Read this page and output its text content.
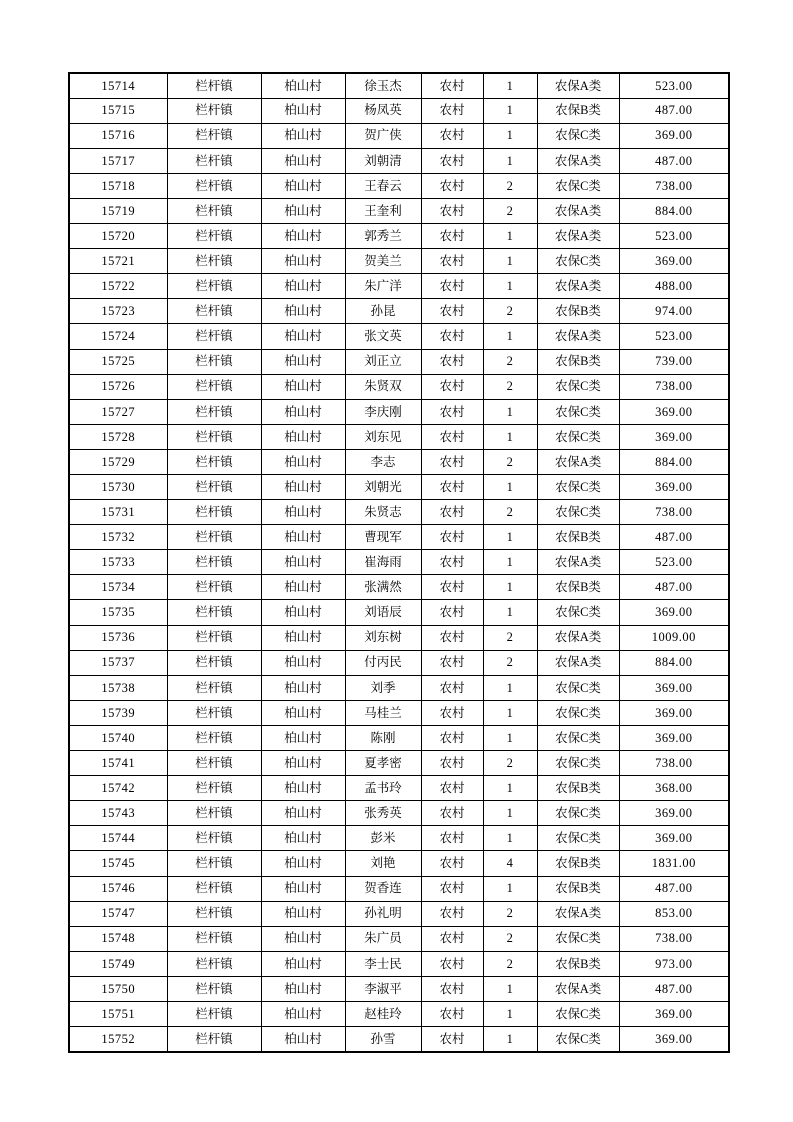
15714	栏杆镇	柏山村	徐玉杰	农村	1	农保A类	523.00
15715	栏杆镇	柏山村	杨凤英	农村	1	农保B类	487.00
15716	栏杆镇	柏山村	贺广侠	农村	1	农保C类	369.00
15717	栏杆镇	柏山村	刘朝清	农村	1	农保A类	487.00
15718	栏杆镇	柏山村	王春云	农村	2	农保C类	738.00
15719	栏杆镇	柏山村	王奎利	农村	2	农保A类	884.00
15720	栏杆镇	柏山村	郭秀兰	农村	1	农保A类	523.00
15721	栏杆镇	柏山村	贺美兰	农村	1	农保C类	369.00
15722	栏杆镇	柏山村	朱广洋	农村	1	农保A类	488.00
15723	栏杆镇	柏山村	孙昆	农村	2	农保B类	974.00
15724	栏杆镇	柏山村	张文英	农村	1	农保A类	523.00
15725	栏杆镇	柏山村	刘正立	农村	2	农保B类	739.00
15726	栏杆镇	柏山村	朱贤双	农村	2	农保C类	738.00
15727	栏杆镇	柏山村	李庆刚	农村	1	农保C类	369.00
15728	栏杆镇	柏山村	刘东见	农村	1	农保C类	369.00
15729	栏杆镇	柏山村	李志	农村	2	农保A类	884.00
15730	栏杆镇	柏山村	刘朝光	农村	1	农保C类	369.00
15731	栏杆镇	柏山村	朱贤志	农村	2	农保C类	738.00
15732	栏杆镇	柏山村	曹现军	农村	1	农保B类	487.00
15733	栏杆镇	柏山村	崔海雨	农村	1	农保A类	523.00
15734	栏杆镇	柏山村	张满然	农村	1	农保B类	487.00
15735	栏杆镇	柏山村	刘语辰	农村	1	农保C类	369.00
15736	栏杆镇	柏山村	刘东树	农村	2	农保A类	1009.00
15737	栏杆镇	柏山村	付丙民	农村	2	农保A类	884.00
15738	栏杆镇	柏山村	刘季	农村	1	农保C类	369.00
15739	栏杆镇	柏山村	马桂兰	农村	1	农保C类	369.00
15740	栏杆镇	柏山村	陈刚	农村	1	农保C类	369.00
15741	栏杆镇	柏山村	夏孝密	农村	2	农保C类	738.00
15742	栏杆镇	柏山村	孟书玲	农村	1	农保B类	368.00
15743	栏杆镇	柏山村	张秀英	农村	1	农保C类	369.00
15744	栏杆镇	柏山村	彭米	农村	1	农保C类	369.00
15745	栏杆镇	柏山村	刘艳	农村	4	农保B类	1831.00
15746	栏杆镇	柏山村	贺香连	农村	1	农保B类	487.00
15747	栏杆镇	柏山村	孙礼明	农村	2	农保A类	853.00
15748	栏杆镇	柏山村	朱广员	农村	2	农保C类	738.00
15749	栏杆镇	柏山村	李士民	农村	2	农保B类	973.00
15750	栏杆镇	柏山村	李淑平	农村	1	农保A类	487.00
15751	栏杆镇	柏山村	赵桂玲	农村	1	农保C类	369.00
15752	栏杆镇	柏山村	孙雪	农村	1	农保C类	369.00
